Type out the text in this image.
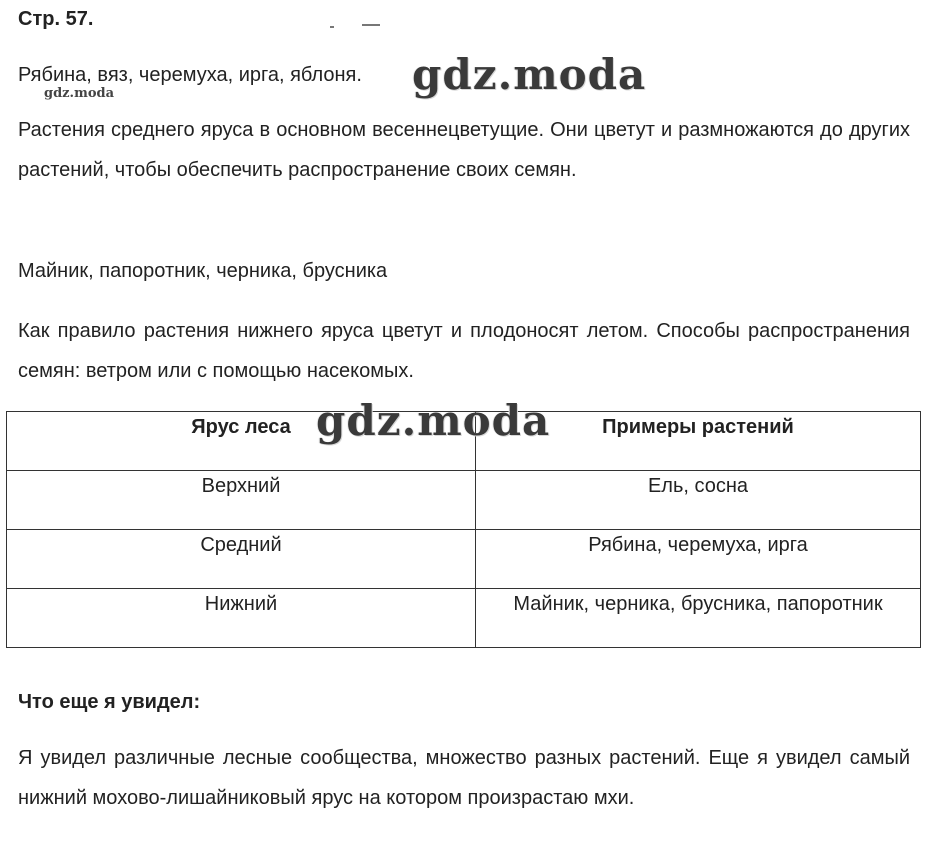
Стр. 57.
Рябина, вяз, черемуха, ирга, яблоня.	gdz.moda
gdz.moda
Растения среднего яруса в основном весеннецветущие. Они цветут и размножаются до других растений, чтобы обеспечить распространение своих семян.
Майник, папоротник, черника, брусника
Как правило растения нижнего яруса цветут и плодоносят летом. Способы распространения семян: ветром или с помощью насекомых.
Ярус леса	Примеры растений
Верхний	Ель, сосна
Средний	Рябина, черемуха, ирга
Нижний	Майник, черника, брусника, папоротник
gdz.moda
Что еще я увидел:
Я увидел различные лесные сообщества, множество разных растений. Еще я увидел самый нижний мохово-лишайниковый ярус на котором произрастаю мхи.
